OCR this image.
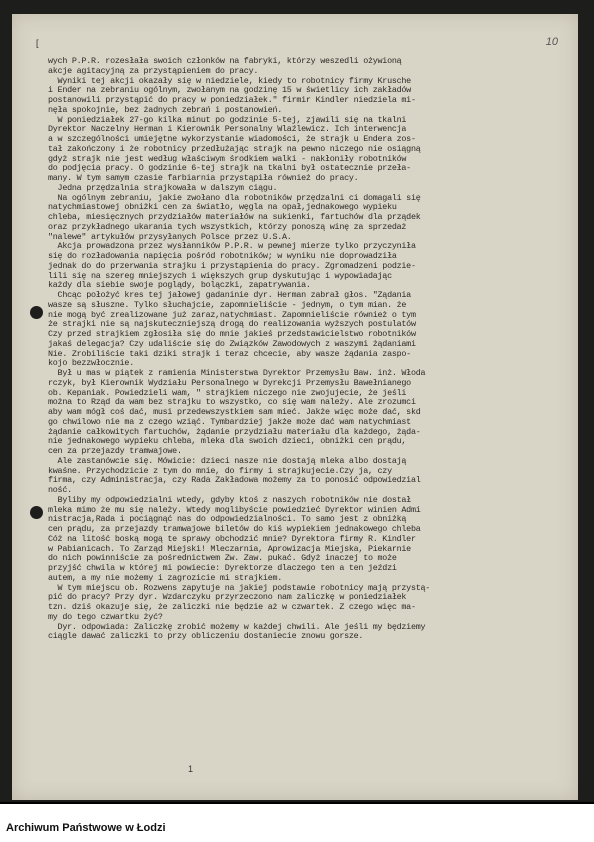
10
[
wych P.P.R. rozesłała swoich członków na fabryki, którzy weszedli ożywioną
akcje agitacyjną za przystąpieniem do pracy.
Wyniki tej akcji okazały się w niedziele, kiedy to robotnicy firmy Krusche
i Ender na zebraniu ogólnym, zwołanym na godzinę 15 w świetlicy ich zakładów
postanowili przystąpić do pracy w poniedziałek." firmir Kindler niedziela mi-
nęła spokojnie, bez żadnych zebrań i postanowień.
W poniedziałek 27-go kilka minut po godzinie 5-tej, zjawili się na tkalni
Dyrektor Naczelny Herman i Kierownik Personalny Wlaźlewicz. Ich interwencja
a w szczególności umiejętne wykorzystanie wiadomości, że strajk u Endera zos-
tał zakończony i że robotnicy przedłużając strajk na pewno niczego nie osiągną
gdyż strajk nie jest według właściwym środkiem walki - nakłoniły robotników
do podjęcia pracy. O godzinie 6-tej strajk na tkalni był ostatecznie przeła-
many. W tym samym czasie farbiarnia przystąpiła również do pracy.
Jedna przędzalnia strajkowała w dalszym ciągu.
Na ogólnym zebraniu, jakie zwołano dla robotników przędzalni ci domagali się
natychmiastowej obniżki cen za światło, węgla na opał,jednakowego wypieku
chleba, miesięcznych przydziałów materiałów na sukienki, fartuchów dla prządek
oraz przykładnego ukarania tych wszystkich, którzy ponoszą winę za sprzedaż
"nalewe" artykułów przysyłanych Polsce przez U.S.A.
Akcja prowadzona przez wysłanników P.P.R. w pewnej mierze tylko przyczyniła
się do rozładowania napięcia pośród robotników; w wyniku nie doprowadziła
jednak do do przerwania strajku i przystąpienia do pracy. Zgromadzeni podzie-
lili się na szereg mniejszych i większych grup dyskutując i wypowiadając
każdy dla siebie swoje poglądy, bolączki, zapatrywania.
Chcąc położyć kres tej jałowej gadaninie dyr. Herman zabrał głos. "Żądania
wasze są słuszne. Tylko słuchajcie, zapomnieliście - jednym, o tym mian. że
nie mogą być zrealizowane już zaraz,natychmiast. Zapomnieliście również o tym
że strajki nie są najskuteczniejszą drogą do realizowania wyższych postulatów
Czy przed strajkiem zgłosiła się do mnie jakieś przedstawicielstwo robotników
jakaś delegacja? Czy udaliście się do Związków Zawodowych z waszymi żądaniami
Nie. Zrobiliście taki dziki strajk i teraz chcecie, aby wasze żądania zaspo-
kojo bezzwłocznie.
Był u mas w piątek z ramienia Ministerstwa Dyrektor Przemysłu Baw. inż. Włoda
rczyk, był Kierownik Wydziału Personalnego w Dyrekcji Przemysłu Bawełnianego
ob. Kepaniak. Powiedzieli wam, " strajkiem niczego nie zwojujecie, że jeśli
można to Rząd da wam bez strajku to wszystko, co się wam należy. Ale zrozumci
aby wam mógł coś dać, musi przedewszystkiem sam mieć. Jakże więc może dać, skd
go chwilowo nie ma z czego wziąć. Tymbardziej jakże może dać wam natychmiast
żądanie całkowitych fartuchów, żądanie przydziału materiału dla każdego, żąda-
nie jednakowego wypieku chleba, mleka dla swoich dzieci, obniżki cen prądu,
cen za przejazdy tramwajowe.
Ale zastanówcie się. Mówicie: dzieci nasze nie dostają mleka albo dostają
kwaśne. Przychodzicie z tym do mnie, do firmy i strajkujecie.Czy ja, czy
firma, czy Administracja, czy Rada Zakładowa możemy za to ponosić odpowiedzial
ność.
Byliby my odpowiedzialni wtedy, gdyby ktoś z naszych robotników nie dostał
mleka mimo że mu się należy. Wtedy moglibyście powiedzieć Dyrektor winien Admi
nistracja,Rada i pociągnąć nas do odpowiedzialności. To samo jest z obniżką
cen prądu, za przejazdy tramwajowe biletów do kiś wypiekiem jednakowego chleba
Cóż na litość boską mogą te sprawy obchodzić mnie? Dyrektora firmy R. Kindler
w Pabianicach. To Zarząd Miejski! Mleczarnia, Aprowizacja Miejska, Piekarnie
do nich powinniście za pośrednictwem Zw. Zaw. pukać. Gdyż inaczej to może
przyjść chwila w której mi powiecie: Dyrektorze dlaczego ten a ten jeździ
autem, a my nie możemy i zagrozicie mi strajkiem.
W tym miejscu ob. Rozwens zapytuje na jakiej podstawie robotnicy mają przystą-
pić do pracy? Przy dyr. Wzdarczyku przyrzeczono nam zaliczkę w poniedziałek
tzn. dziś okazuje się, że zaliczki nie będzie aż w czwartek. Z czego więc ma-
my do tego czwartku żyć?
Dyr. odpowiada: Zaliczkę zrobić możemy w każdej chwili. Ale jeśli my będziemy
ciągle dawać zaliczki to przy obliczeniu dostaniecie znowu gorsze.
1
Archiwum Państwowe w Łodzi
